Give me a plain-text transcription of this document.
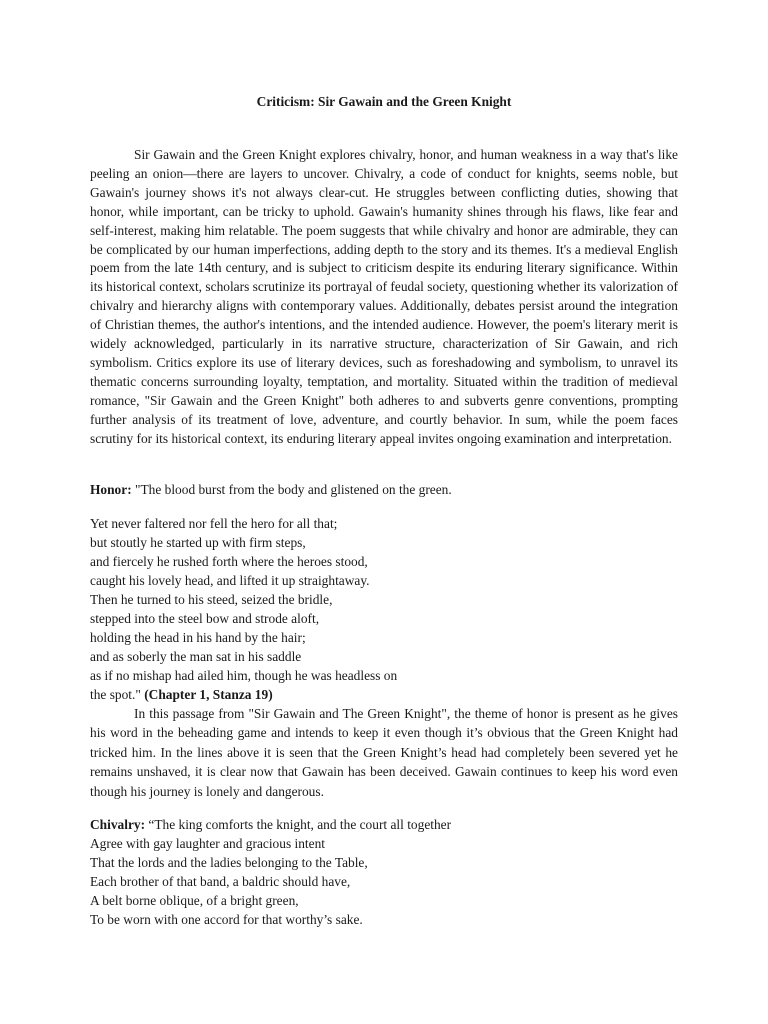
Criticism: Sir Gawain and the Green Knight

Sir Gawain and the Green Knight explores chivalry, honor, and human weakness in a way that's like peeling an onion—there are layers to uncover. Chivalry, a code of conduct for knights, seems noble, but Gawain's journey shows it's not always clear-cut. He struggles between conflicting duties, showing that honor, while important, can be tricky to uphold. Gawain's humanity shines through his flaws, like fear and self-interest, making him relatable. The poem suggests that while chivalry and honor are admirable, they can be complicated by our human imperfections, adding depth to the story and its themes. It's a medieval English poem from the late 14th century, and is subject to criticism despite its enduring literary significance. Within its historical context, scholars scrutinize its portrayal of feudal society, questioning whether its valorization of chivalry and hierarchy aligns with contemporary values. Additionally, debates persist around the integration of Christian themes, the author's intentions, and the intended audience. However, the poem's literary merit is widely acknowledged, particularly in its narrative structure, characterization of Sir Gawain, and rich symbolism. Critics explore its use of literary devices, such as foreshadowing and symbolism, to unravel its thematic concerns surrounding loyalty, temptation, and mortality. Situated within the tradition of medieval romance, "Sir Gawain and the Green Knight" both adheres to and subverts genre conventions, prompting further analysis of its treatment of love, adventure, and courtly behavior. In sum, while the poem faces scrutiny for its historical context, its enduring literary appeal invites ongoing examination and interpretation.

Honor: "The blood burst from the body and glistened on the green.
Yet never faltered nor fell the hero for all that;
but stoutly he started up with firm steps,
and fiercely he rushed forth where the heroes stood,
caught his lovely head, and lifted it up straightaway.
Then he turned to his steed, seized the bridle,
stepped into the steel bow and strode aloft,
holding the head in his hand by the hair;
and as soberly the man sat in his saddle
as if no mishap had ailed him, though he was headless on
the spot." (Chapter 1, Stanza 19)

In this passage from "Sir Gawain and The Green Knight", the theme of honor is present as he gives his word in the beheading game and intends to keep it even though it’s obvious that the Green Knight had tricked him. In the lines above it is seen that the Green Knight’s head had completely been severed yet he remains unshaved, it is clear now that Gawain has been deceived. Gawain continues to keep his word even though his journey is lonely and dangerous.

Chivalry: “The king comforts the knight, and the court all together
Agree with gay laughter and gracious intent
That the lords and the ladies belonging to the Table,
Each brother of that band, a baldric should have,
A belt borne oblique, of a bright green,
To be worn with one accord for that worthy’s sake.
